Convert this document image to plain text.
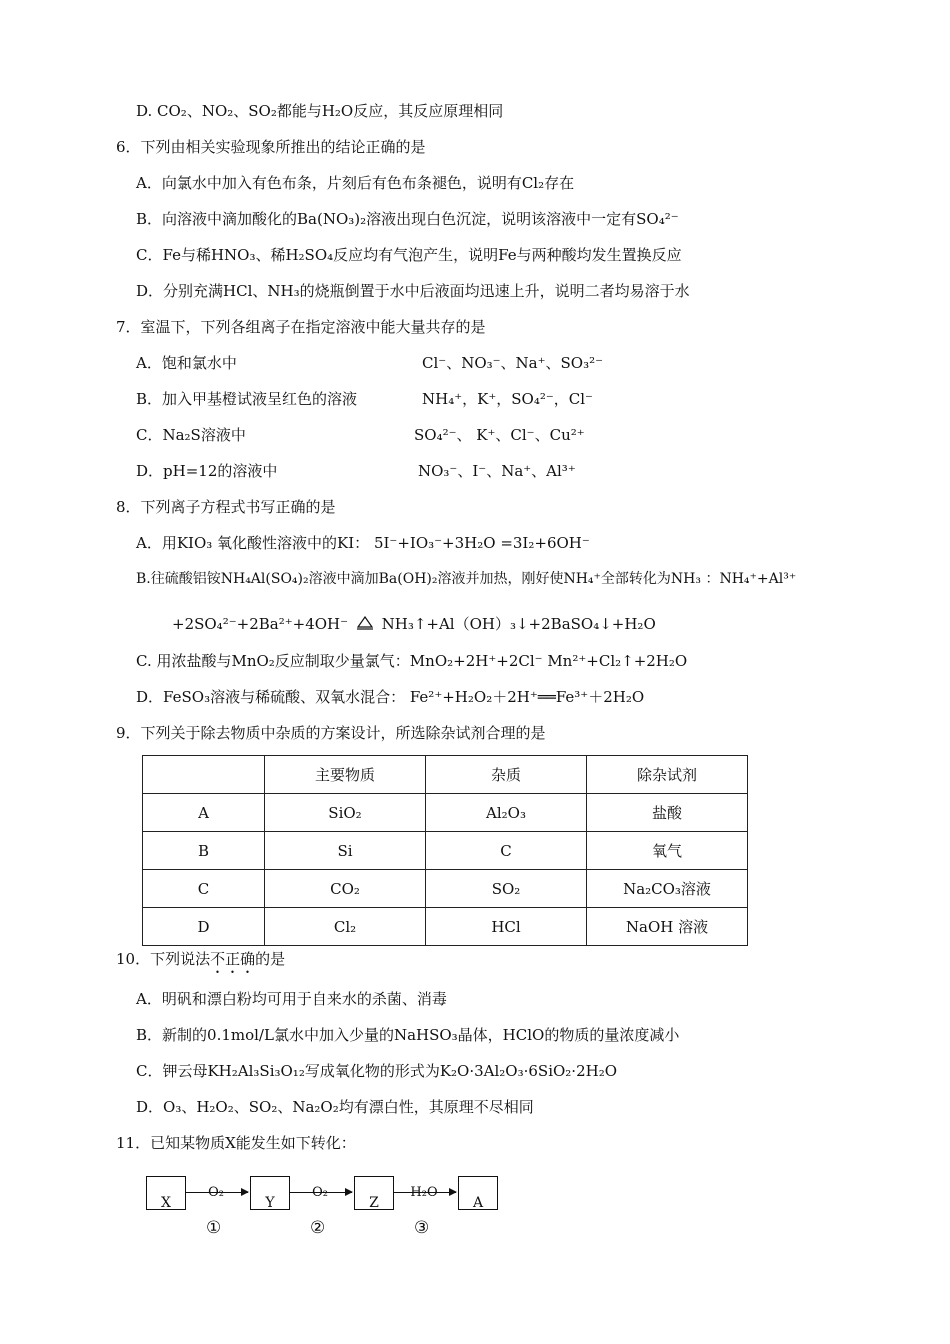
D. CO₂、NO₂、SO₂都能与H₂O反应，其反应原理相同
6．下列由相关实验现象所推出的结论正确的是
A．向氯水中加入有色布条，片刻后有色布条褪色，说明有Cl₂存在
B．向溶液中滴加酸化的Ba(NO₃)₂溶液出现白色沉淀，说明该溶液中一定有SO₄²⁻
C．Fe与稀HNO₃、稀H₂SO₄反应均有气泡产生，说明Fe与两种酸均发生置换反应
D．分别充满HCl、NH₃的烧瓶倒置于水中后液面均迅速上升，说明二者均易溶于水
7．室温下，下列各组离子在指定溶液中能大量共存的是
A．饱和氯水中	Cl⁻、NO₃⁻、Na⁺、SO₃²⁻
B．加入甲基橙试液呈红色的溶液	NH₄⁺，K⁺，SO₄²⁻，Cl⁻
C．Na₂S溶液中	SO₄²⁻、 K⁺、Cl⁻、Cu²⁺
D．pH=12的溶液中	NO₃⁻、I⁻、Na⁺、Al³⁺
8．下列离子方程式书写正确的是
A．用KIO₃ 氧化酸性溶液中的KI： 5I⁻+IO₃⁻+3H₂O =3I₂+6OH⁻
B.往硫酸铝铵NH₄Al(SO₄)₂溶液中滴加Ba(OH)₂溶液并加热，刚好使NH₄⁺全部转化为NH₃ ：NH₄⁺+Al³⁺
+2SO₄²⁻+2Ba²⁺+4OH⁻ NH₃↑+Al（OH）₃↓+2BaSO₄↓+H₂O
C. 用浓盐酸与MnO₂反应制取少量氯气：MnO₂+2H⁺+2Cl⁻ Mn²⁺+Cl₂↑+2H₂O
D．FeSO₃溶液与稀硫酸、双氧水混合： Fe²⁺+H₂O₂＋2H⁺══Fe³⁺＋2H₂O
9．下列关于除去物质中杂质的方案设计，所选除杂试剂合理的是
	主要物质	杂质	除杂试剂
A	SiO₂	Al₂O₃	盐酸
B	Si	C	氧气
C	CO₂	SO₂	Na₂CO₃溶液
D	Cl₂	HCl	NaOH 溶液
10．下列说法不正确的是
A．明矾和漂白粉均可用于自来水的杀菌、消毒
B．新制的0.1mol/L氯水中加入少量的NaHSO₃晶体，HClO的物质的量浓度减小
C．钾云母KH₂Al₃Si₃O₁₂写成氧化物的形式为K₂O·3Al₂O₃·6SiO₂·2H₂O
D．O₃、H₂O₂、SO₂、Na₂O₂均有漂白性，其原理不尽相同
11．已知某物质X能发生如下转化：
X
O₂
①
Y
O₂
②
Z
H₂O
③
A
